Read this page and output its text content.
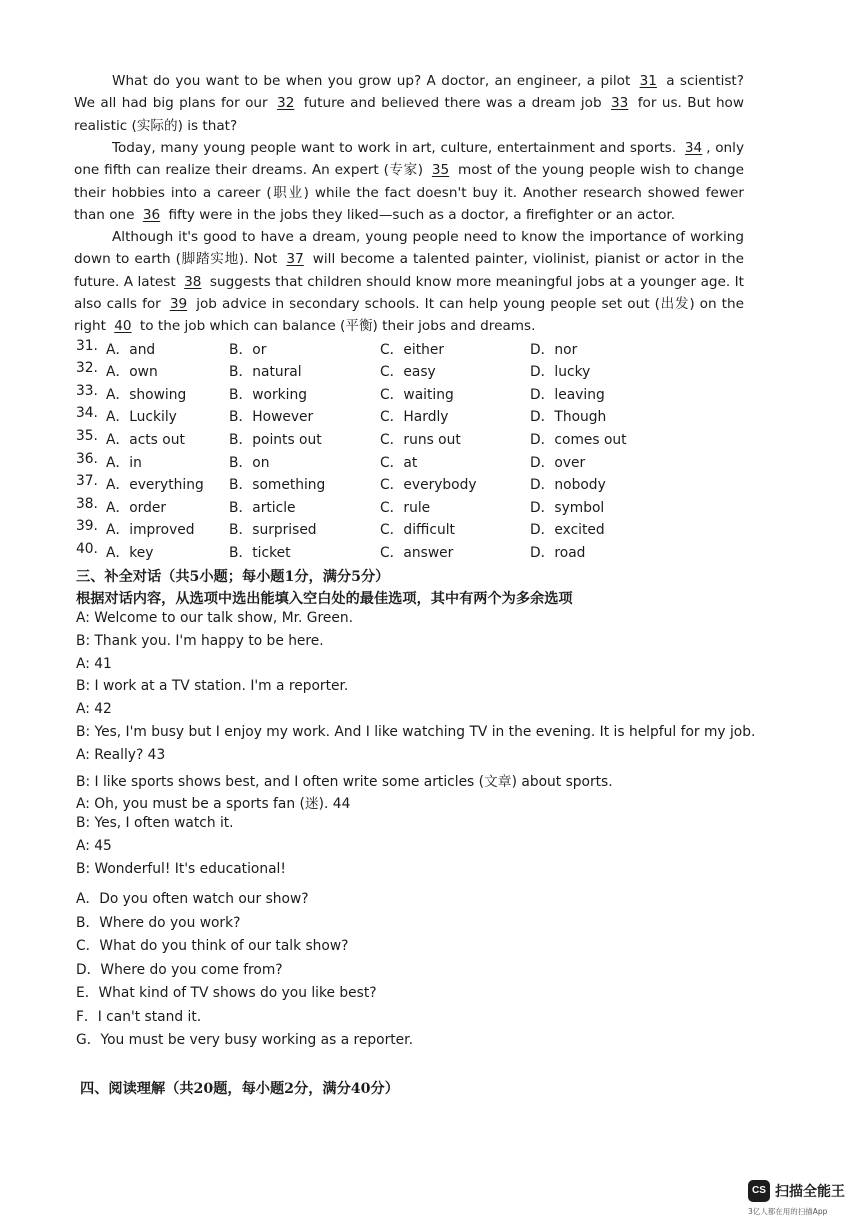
What do you want to be when you grow up? A doctor, an engineer, a pilot 31 a scientist? We all had big plans for our 32 future and believed there was a dream job 33 for us. But how realistic (实际的) is that?

Today, many young people want to work in art, culture, entertainment and sports. 34 , only one fifth can realize their dreams. An expert (专家) 35 most of the young people wish to change their hobbies into a career (职业) while the fact doesn't buy it. Another research showed fewer than one 36 fifty were in the jobs they liked—such as a doctor, a firefighter or an actor.

Although it's good to have a dream, young people need to know the importance of working down to earth (脚踏实地). Not 37 will become a talented painter, violinist, pianist or actor in the future. A latest 38 suggests that children should know more meaningful jobs at a younger age. It also calls for 39 job advice in secondary schools. It can help young people set out (出发) on the right 40 to the job which can balance (平衡) their jobs and dreams.

31. A．and	B．or	C．either	D．nor
32. A．own	B．natural	C．easy	D．lucky
33. A．showing	B．working	C．waiting	D．leaving
34. A．Luckily	B．However	C．Hardly	D．Though
35. A．acts out	B．points out	C．runs out	D．comes out
36. A．in	B．on	C．at	D．over
37. A．everything B．something	C．everybody	D．nobody
38. A．order	B．article	C．rule	D．symbol
39. A．improved	B．surprised	C．difficult	D．excited
40. A．key	B．ticket	C．answer	D．road
三、补全对话（共5小题；每小题1分，满分5分）
根据对话内容，从选项中选出能填入空白处的最佳选项，其中有两个为多余选项
A: Welcome to our talk show, Mr. Green.
B: Thank you. I'm happy to be here.
A: 41
B: I work at a TV station. I'm a reporter.
A: 42
B: Yes, I'm busy but I enjoy my work. And I like watching TV in the evening. It is helpful for my job.
A: Really? 43
B: I like sports shows best, and I often write some articles (文章) about sports.
A: Oh, you must be a sports fan (迷). 44
B: Yes, I often watch it.
A: 45
B: Wonderful! It's educational!
A．Do you often watch our show?
B．Where do you work?
C．What do you think of our talk show?
D．Where do you come from?
E．What kind of TV shows do you like best?
F．I can't stand it.
G．You must be very busy working as a reporter.
四、阅读理解（共20题，每小题2分，满分40分）
CS 扫描全能王
3亿人都在用的扫描App
